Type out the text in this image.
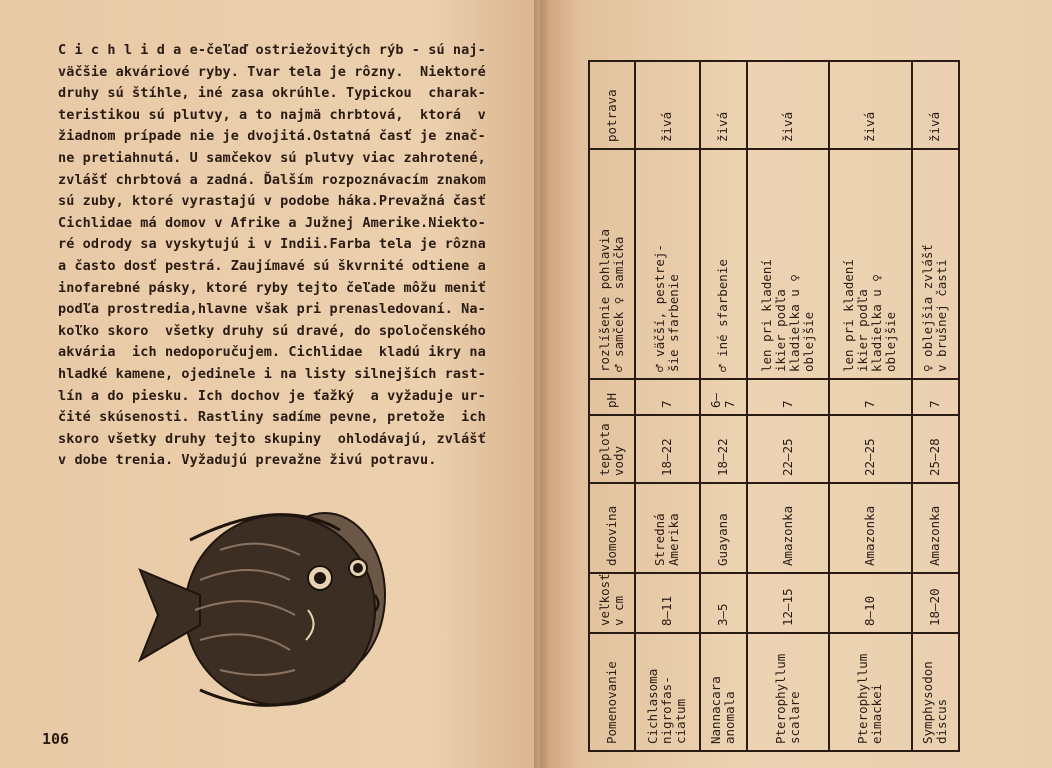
C i c h l i d a e-čeľaď ostriežovitých rýb - sú naj-

väčšie akváriové ryby. Tvar tela je rôzny.  Niektoré

druhy sú štíhle, iné zasa okrúhle. Typickou  charak-

teristikou sú plutvy, a to najmä chrbtová,  ktorá  v

žiadnom prípade nie je dvojitá.Ostatná časť je znač-

ne pretiahnutá. U samčekov sú plutvy viac zahrotené,

zvlášť chrbtová a zadná. Ďalším rozpoznávacím znakom

sú zuby, ktoré vyrastajú v podobe háka.Prevažná časť

Cichlidae má domov v Afrike a Južnej Amerike.Niekto-

ré odrody sa vyskytujú i v Indii.Farba tela je rôzna

a často dosť pestrá. Zaujímavé sú škvrnité odtiene a

inofarebné pásky, ktoré ryby tejto čeľade môžu meniť

podľa prostredia,hlavne však pri prenasledovaní. Na-

koľko skoro  všetky druhy sú dravé, do spoločenského

akvária  ich nedoporučujem. Cichlidae  kladú ikry na

hladké kamene, ojedinele i na listy silnejších rast-

lín a do piesku. Ich dochov je ťažký  a vyžaduje ur-

čité skúsenosti. Rastliny sadíme pevne, pretože  ich

skoro všetky druhy tejto skupiny  ohlodávajú, zvlášť

v dobe trenia. Vyžadujú prevažne živú potravu.

106	Pomenovanie	veľkosť
v cm	domovina	teplota
vody	pH	rozlíšenie pohlavia
♂ samček ♀ samička	potrava
Cichlasoma
nigrofas-
ciatum	8–11	Stredná
Amerika	18–22	7	♂ väčší, pestrej-
šie sfarbenie	živá
Nannacara
anomala	3–5	Guayana	18–22	6–7	♂ iné sfarbenie	živá
Pterophyllum
scalare	12–15	Amazonka	22–25	7	len pri kladení
ikier podľa
kladielka u ♀
oblejšie	živá
Pterophyllum
eimackei	8–10	Amazonka	22–25	7	len pri kladení
ikier podľa
kladielka u ♀
oblejšie	živá
Symphysodon
discus	18–20	Amazonka	25–28	7	♀ oblejšia zvlášť
v brušnej časti	živá
